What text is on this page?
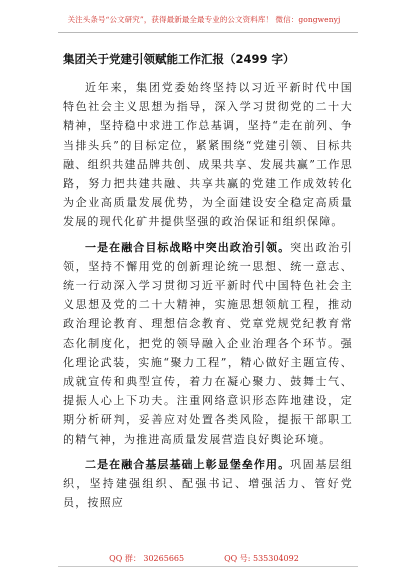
关注头条号“公文研究”，获得最新最全最专业的公文资料库！ 微信：gongwenyj
集团关于党建引领赋能工作汇报（2499 字）

近年来，集团党委始终坚持以习近平新时代中国特色社会主义思想为指导，深入学习贯彻党的二十大精神，坚持稳中求进工作总基调，坚持“走在前列、争当排头兵”的目标定位，紧紧围绕“党建引领、目标共融、组织共建品牌共创、成果共享、发展共赢”工作思路，努力把共建共融、共享共赢的党建工作成效转化为企业高质量发展优势，为全面建设安全稳定高质量发展的现代化矿井提供坚强的政治保证和组织保障。

一是在融合目标战略中突出政治引领。突出政治引领，坚持不懈用党的创新理论统一思想、统一意志、统一行动深入学习贯彻习近平新时代中国特色社会主义思想及党的二十大精神，实施思想领航工程，推动政治理论教育、理想信念教育、党章党规党纪教育常态化制度化，把党的领导融入企业治理各个环节。强化理论武装，实施“聚力工程”，精心做好主题宣传、成就宣传和典型宣传，着力在凝心聚力、鼓舞士气、提振人心上下功夫。注重网络意识形态阵地建设，定期分析研判，妥善应对处置各类风险，提振干部职工的精气神，为推进高质量发展营造良好舆论环境。

二是在融合基层基础上彰显堡垒作用。巩固基层组织，坚持建强组织、配强书记、增强活力、管好党员，按照应

QQ 群： 30265665	QQ 号: 535304092
